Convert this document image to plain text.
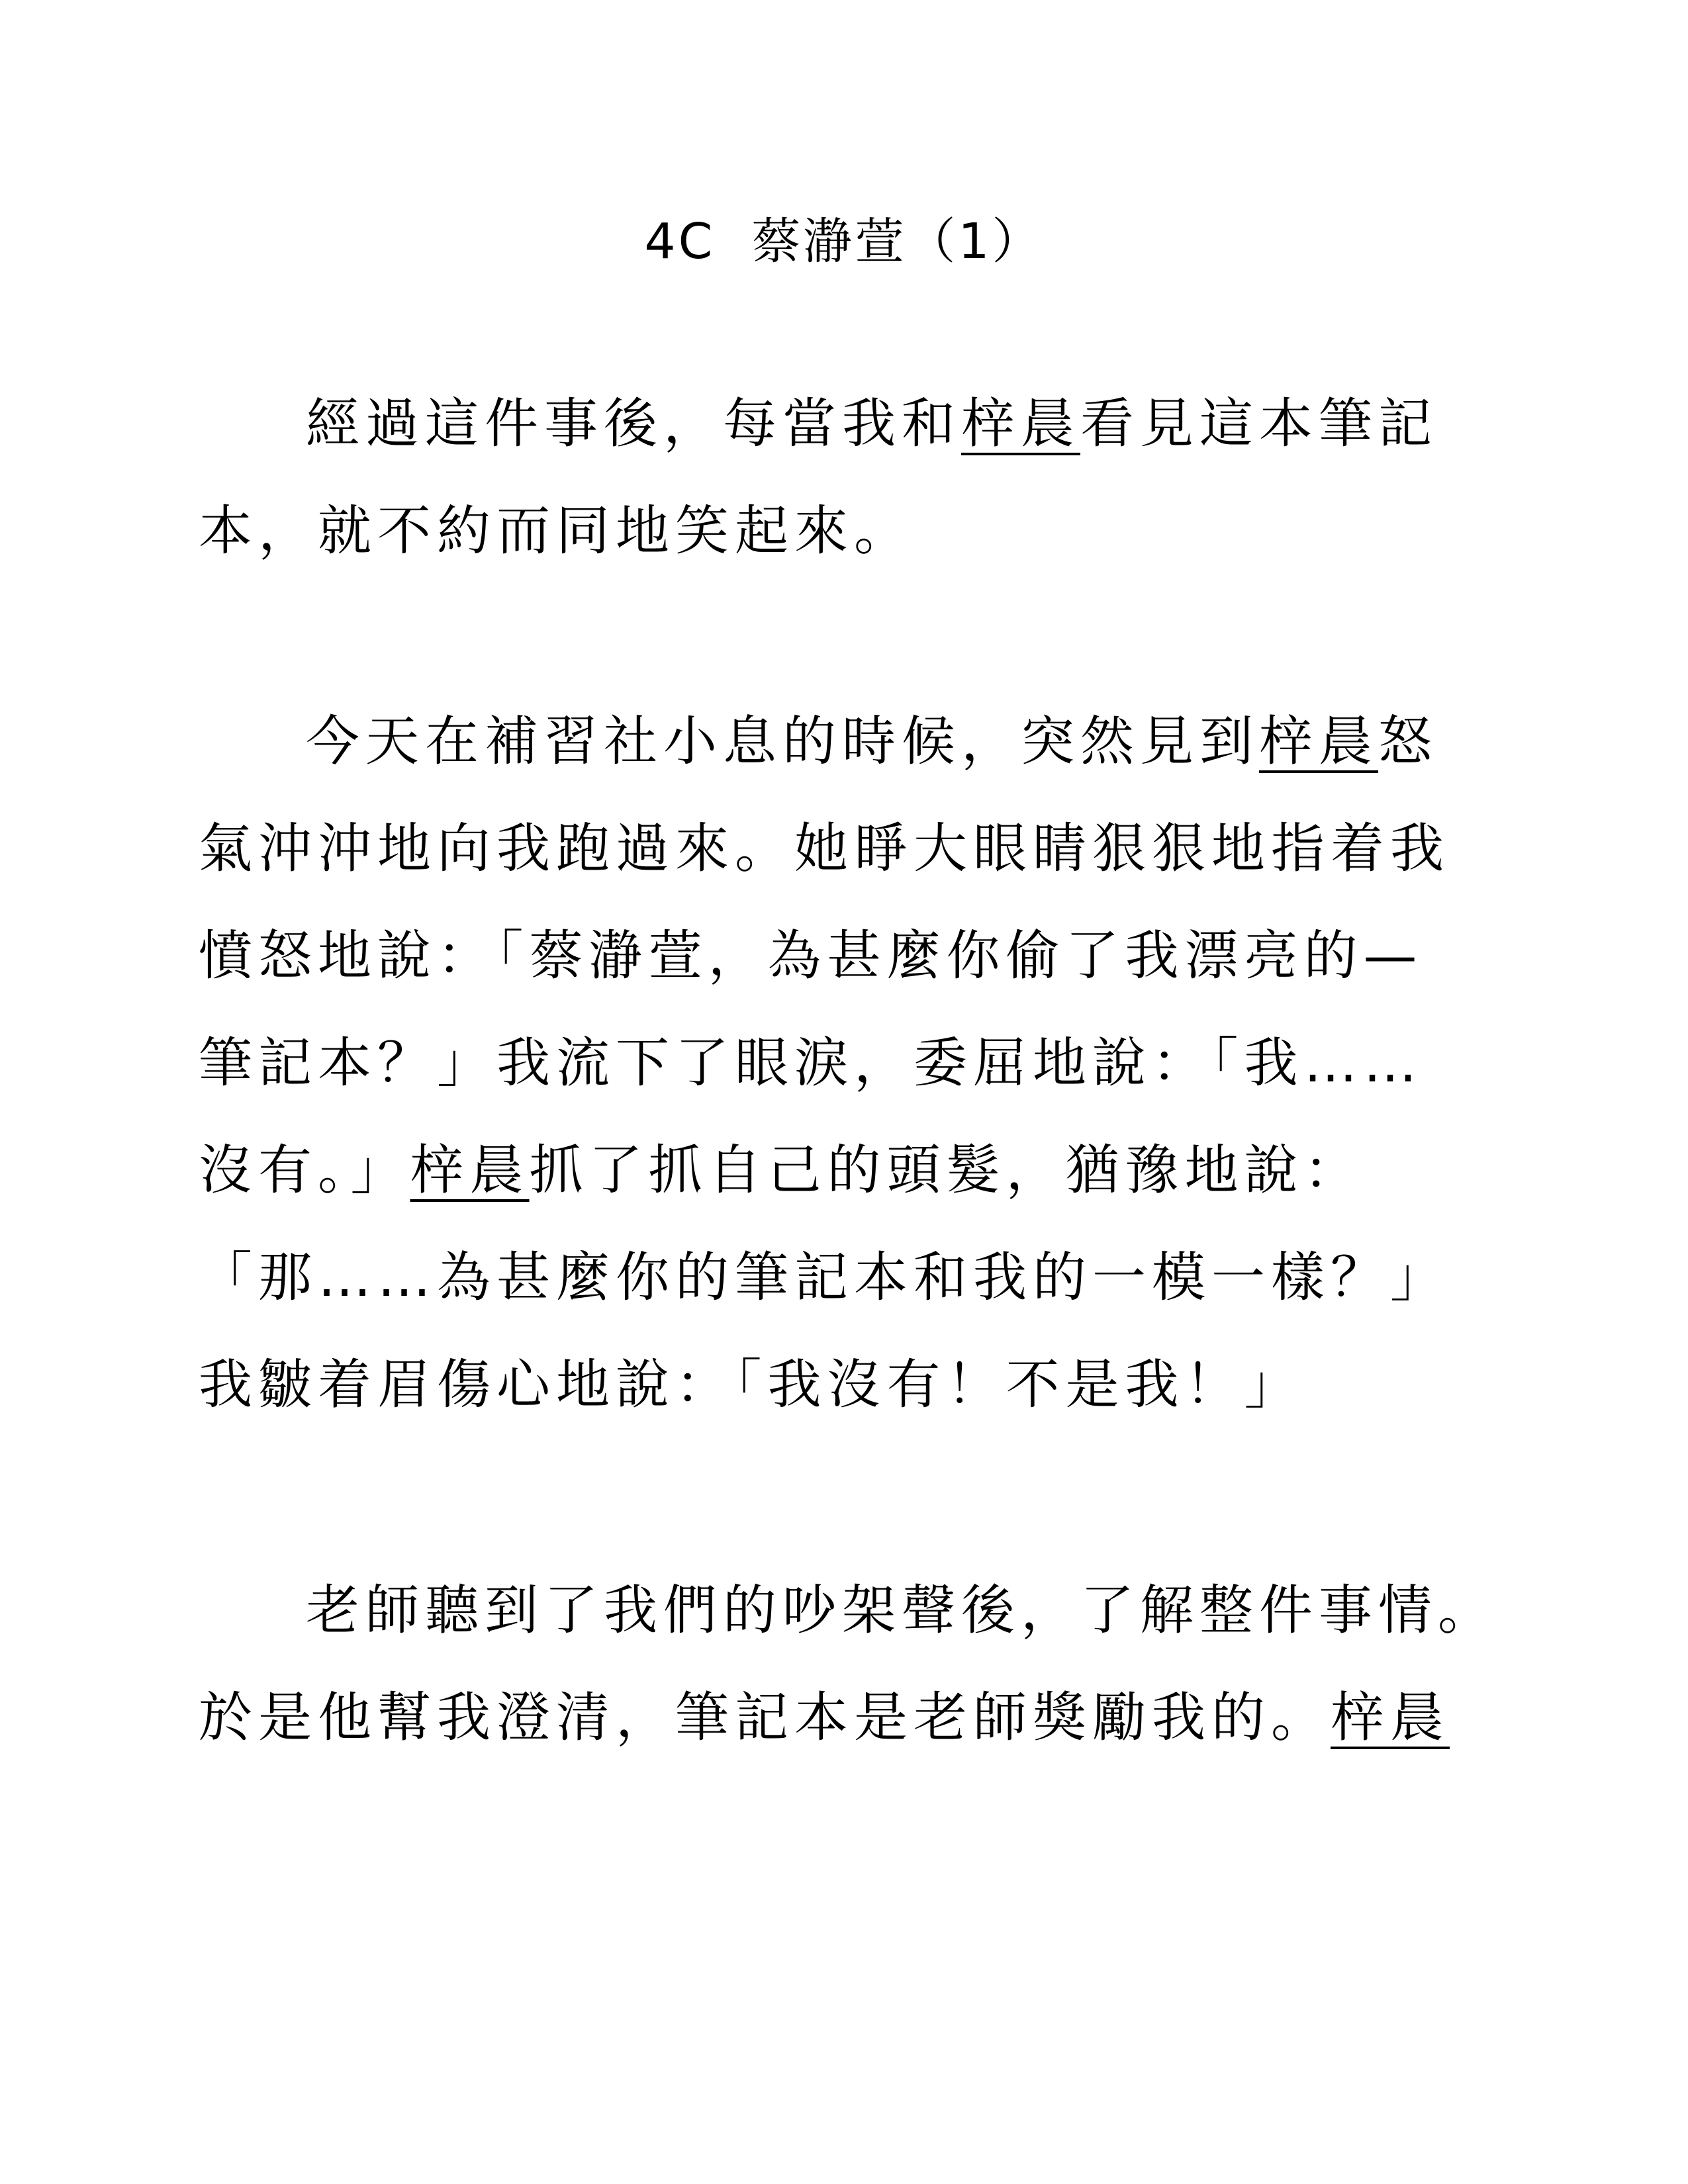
4C  蔡瀞萱（1）
經過這件事後，每當我和梓晨看見這本筆記
本，就不約而同地笑起來。
今天在補習社小息的時候，突然見到梓晨怒
氣沖沖地向我跑過來。她睜大眼睛狠狠地指着我
憤怒地說：「蔡瀞萱，為甚麼你偷了我漂亮的—
筆記本？」我流下了眼淚，委屈地說：「我……
沒有。」梓晨抓了抓自己的頭髮，猶豫地說：
「那……為甚麼你的筆記本和我的一模一樣？」
我皺着眉傷心地說：「我沒有！不是我！」
老師聽到了我們的吵架聲後，了解整件事情。
於是他幫我澄清，筆記本是老師獎勵我的。梓晨
